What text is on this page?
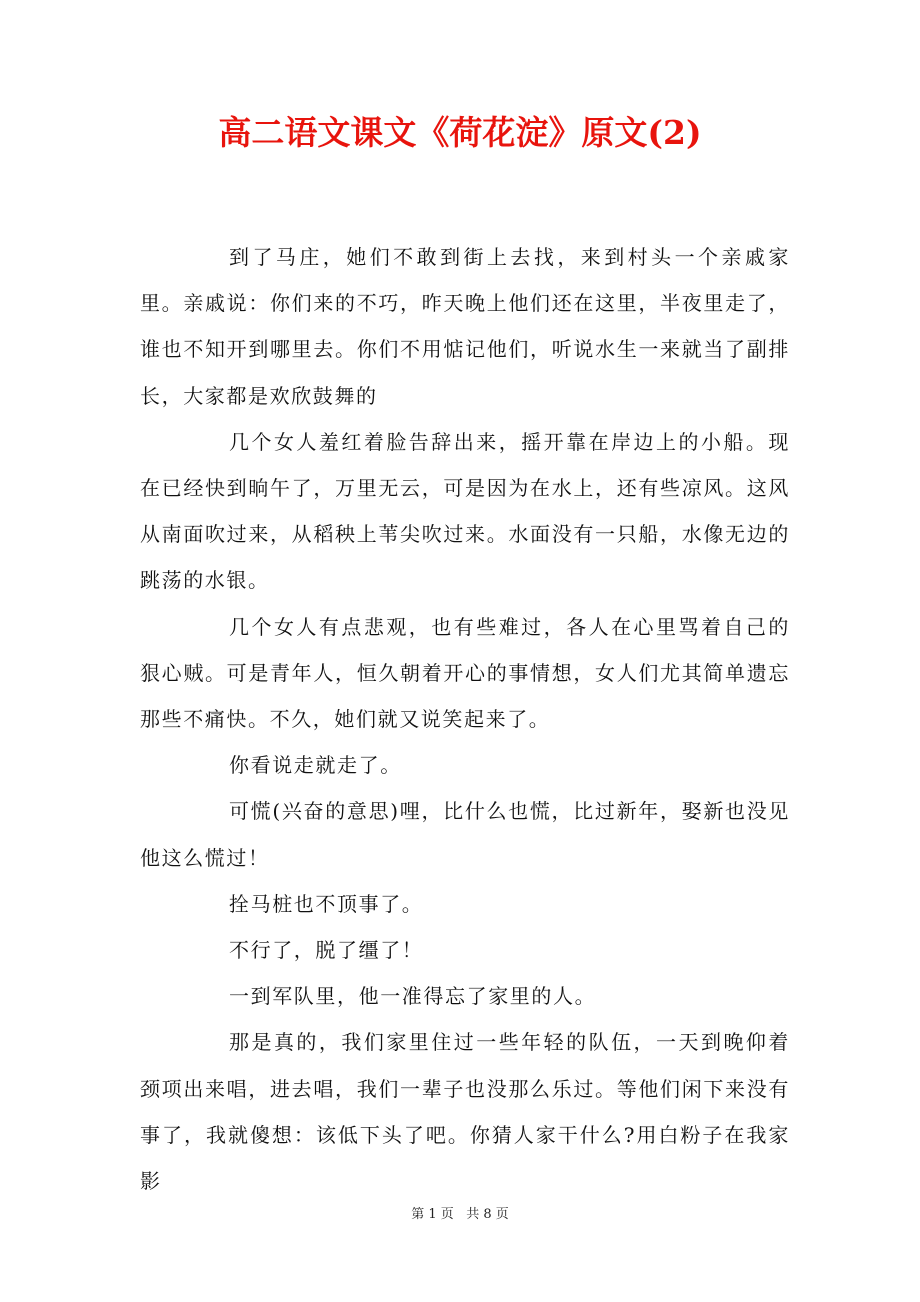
高二语文课文《荷花淀》原文(2)

到了马庄，她们不敢到街上去找，来到村头一个亲戚家里。亲戚说：你们来的不巧，昨天晚上他们还在这里，半夜里走了，谁也不知开到哪里去。你们不用惦记他们，听说水生一来就当了副排长，大家都是欢欣鼓舞的

几个女人羞红着脸告辞出来，摇开靠在岸边上的小船。现在已经快到晌午了，万里无云，可是因为在水上，还有些凉风。这风从南面吹过来，从稻秧上苇尖吹过来。水面没有一只船，水像无边的跳荡的水银。

几个女人有点悲观，也有些难过，各人在心里骂着自己的狠心贼。可是青年人，恒久朝着开心的事情想，女人们尤其简单遗忘那些不痛快。不久，她们就又说笑起来了。

你看说走就走了。

可慌(兴奋的意思)哩，比什么也慌，比过新年，娶新也没见他这么慌过！

拴马桩也不顶事了。

不行了，脱了缰了！

一到军队里，他一准得忘了家里的人。

那是真的，我们家里住过一些年轻的队伍，一天到晚仰着颈项出来唱，进去唱，我们一辈子也没那么乐过。等他们闲下来没有事了，我就傻想：该低下头了吧。你猜人家干什么?用白粉子在我家影

第 1 页   共 8 页
